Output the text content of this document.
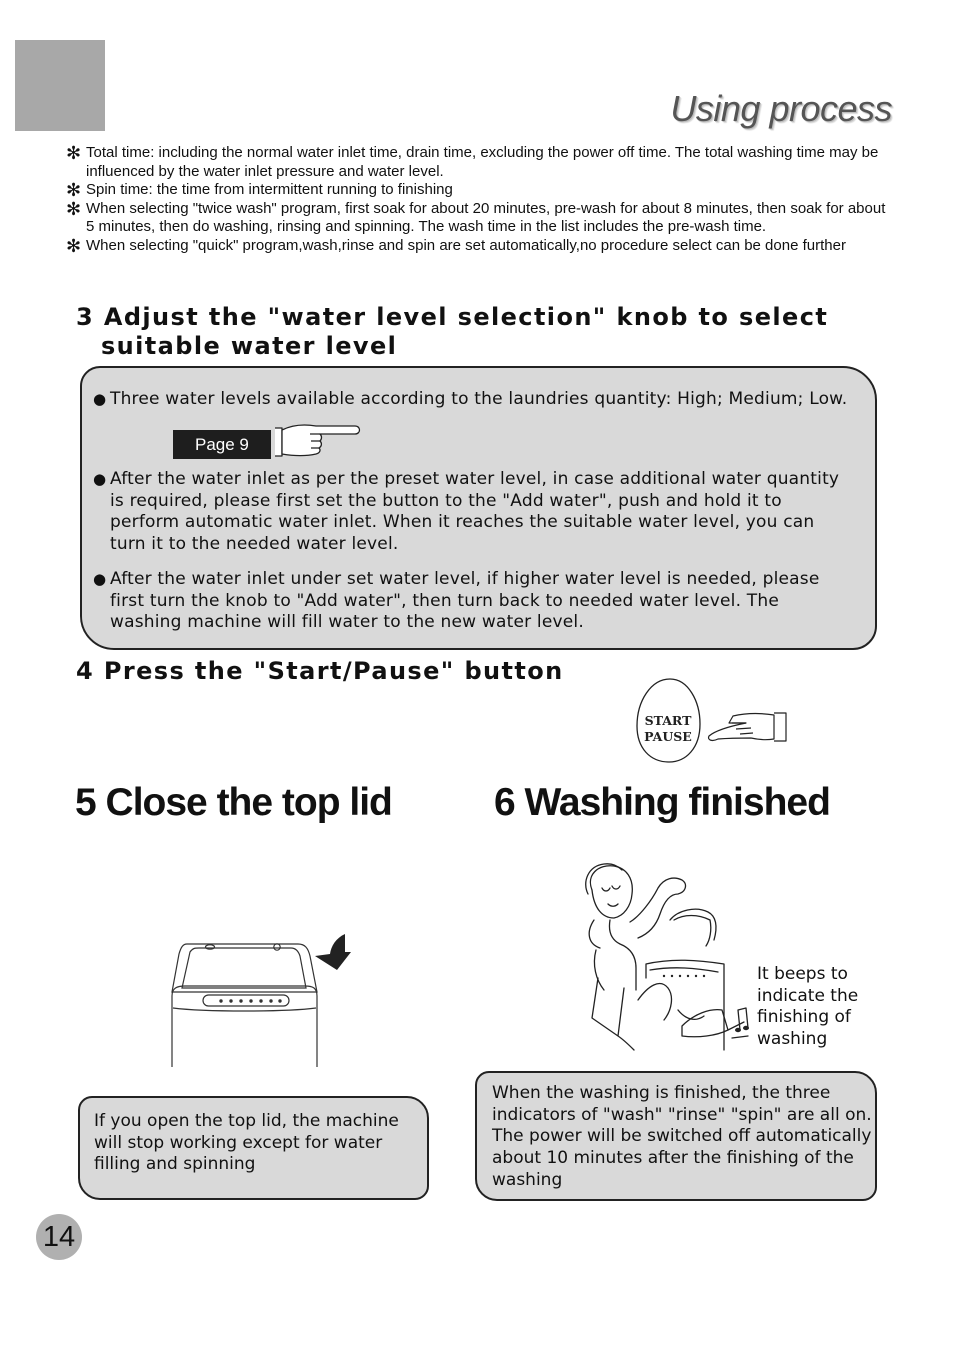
Using process
✻ Total time: including the normal water inlet time, drain time, excluding the power off time. The total washing time may be influenced by the water inlet pressure and water level.
✻ Spin time: the time from intermittent running to finishing
✻ When selecting "twice wash" program, first soak for about 20 minutes, pre-wash for about 8 minutes, then soak for about 5 minutes, then do washing, rinsing and spinning. The wash time in the list includes the pre-wash time.
✻ When selecting "quick" program,wash,rinse and spin are set automatically,no procedure select can be done further
3 Adjust the "water level selection" knob to select
suitable water level
● Three water levels available according to the laundries quantity: High; Medium; Low.
Page 9
● After the water inlet as per the preset water level, in case additional water quantity is required, please first set the button to the "Add water", push and hold it to perform automatic water inlet. When it reaches the suitable water level, you can turn it to the needed water level.
● After the water inlet under set water level, if higher water level is needed, please first turn the knob to "Add water", then turn back to needed water level. The washing machine will fill water to the new water level.
4 Press the "Start/Pause" button
START
PAUSE
5 Close the top lid	6 Washing finished
It beeps to indicate the finishing of washing
If you open the top lid, the machine will stop working except for water filling and spinning
When the washing is finished, the three indicators of "wash" "rinse" "spin" are all on. The power will be switched off automatically about 10 minutes after the finishing of the washing
14
